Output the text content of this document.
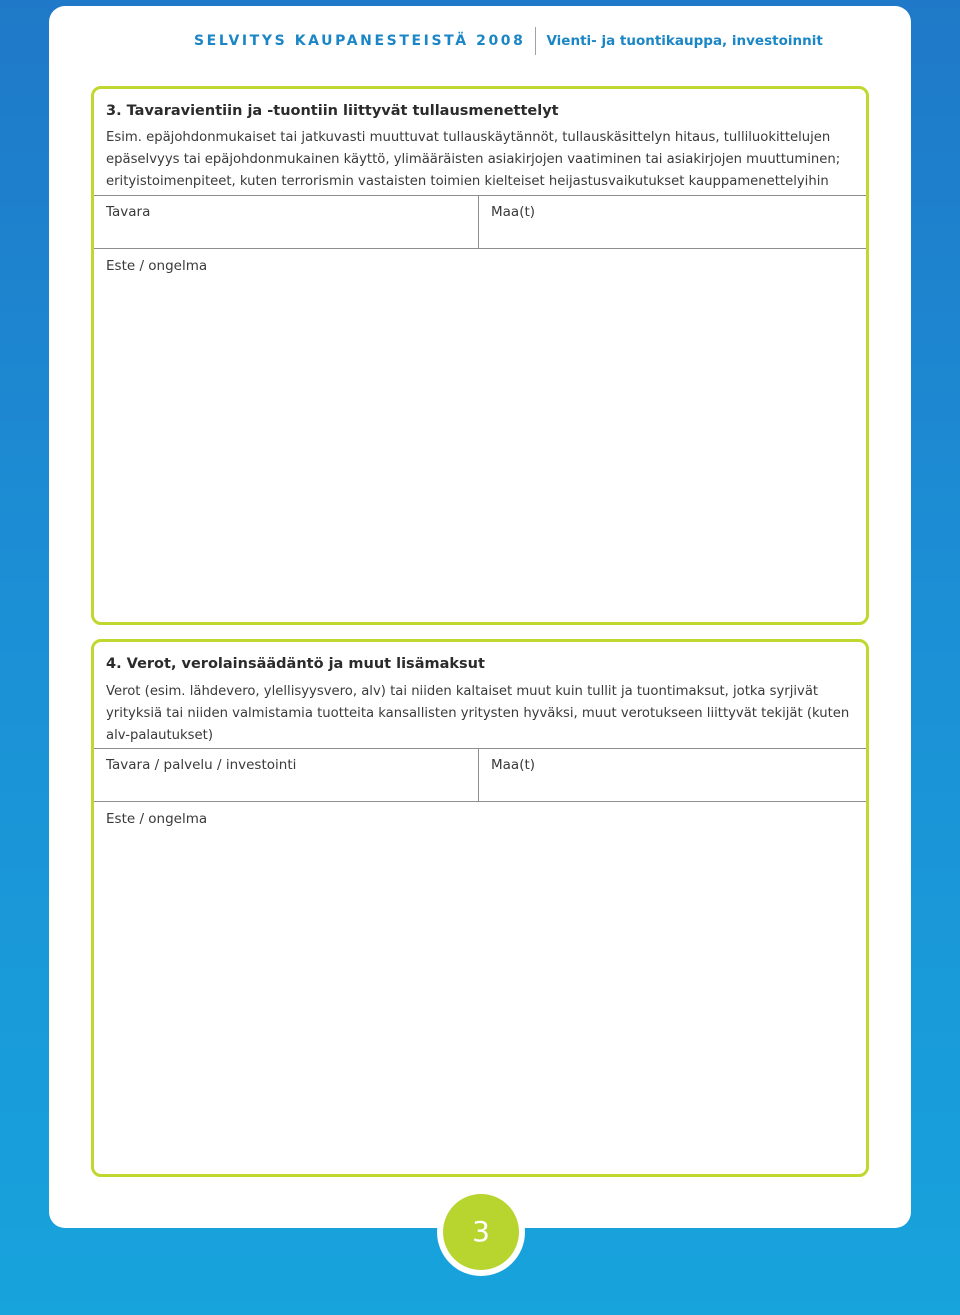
SELVITYS KAUPANESTEISTÄ 2008 Vienti- ja tuontikauppa, investoinnit
3. Tavaravientiin ja -tuontiin liittyvät tullausmenettelyt
Esim. epäjohdonmukaiset tai jatkuvasti muuttuvat tullauskäytännöt, tullauskäsittelyn hitaus, tulliluokittelujen epäselvyys tai epäjohdonmukainen käyttö, ylimääräisten asiakirjojen vaatiminen tai asiakirjojen muuttuminen; erityistoimenpiteet, kuten terrorismin vastaisten toimien kielteiset heijastusvaikutukset kauppamenettelyihin
Tavara	Maa(t)
Este / ongelma
4. Verot, verolainsäädäntö ja muut lisämaksut
Verot (esim. lähdevero, ylellisyysvero, alv) tai niiden kaltaiset muut kuin tullit ja tuontimaksut, jotka syrjivät yrityksiä tai niiden valmistamia tuotteita kansallisten yritysten hyväksi, muut verotukseen liittyvät tekijät (kuten alv-palautukset)
Tavara / palvelu / investointi	Maa(t)
Este / ongelma
3
